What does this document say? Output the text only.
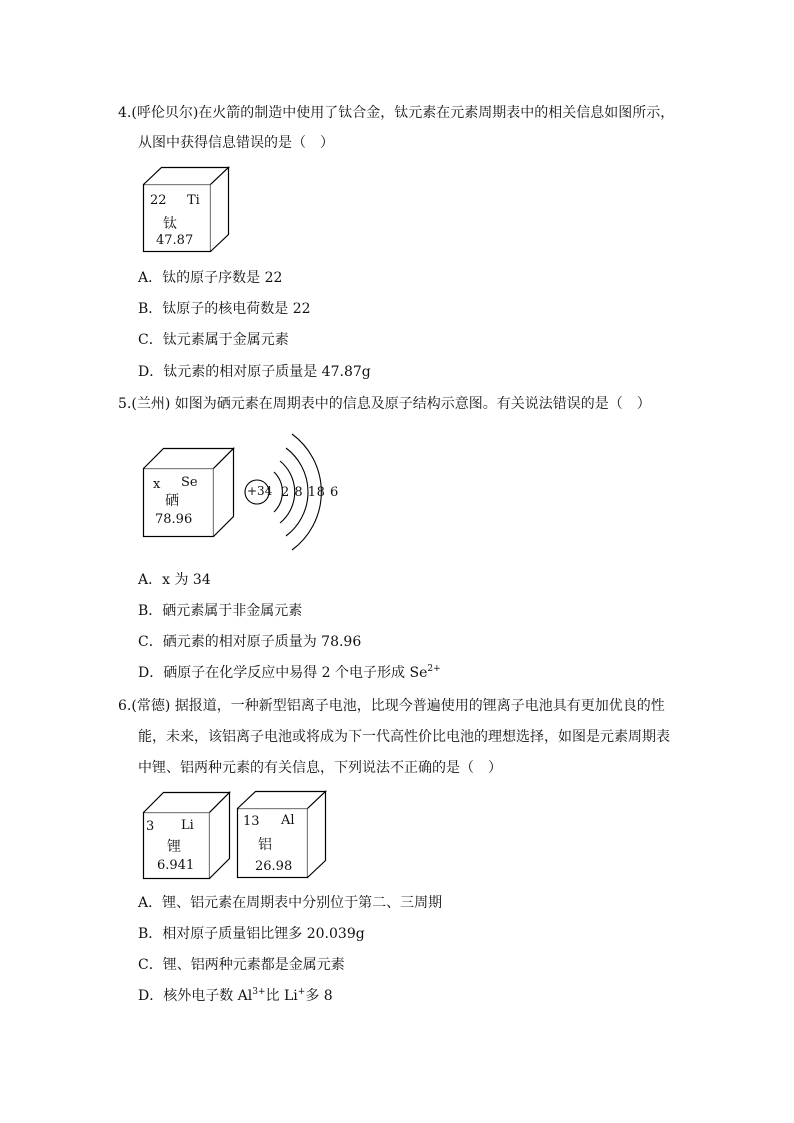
4.(呼伦贝尔)在火箭的制造中使用了钛合金，钛元素在元素周期表中的相关信息如图所示，
从图中获得信息错误的是（　）
22 Ti
钛
47.87
A．钛的原子序数是 22
B．钛原子的核电荷数是 22
C．钛元素属于金属元素
D．钛元素的相对原子质量是 47.87g
5.(兰州) 如图为硒元素在周期表中的信息及原子结构示意图。有关说法错误的是（　）
x Se
硒
78.96
+34 2 8 18 6
A．x 为 34
B．硒元素属于非金属元素
C．硒元素的相对原子质量为 78.96
D．硒原子在化学反应中易得 2 个电子形成 $Se^{2+}$
6.(常德) 据报道，一种新型铝离子电池，比现今普遍使用的锂离子电池具有更加优良的性
能，未来，该铝离子电池或将成为下一代高性价比电池的理想选择，如图是元素周期表
中锂、铝两种元素的有关信息，下列说法不正确的是（　）
3 Li
锂
6.941
13 Al
铝
26.98
A．锂、铝元素在周期表中分别位于第二、三周期
B．相对原子质量铝比锂多 20.039g
C．锂、铝两种元素都是金属元素
D．核外电子数 $Al^{3+}$比 Li+多 8
